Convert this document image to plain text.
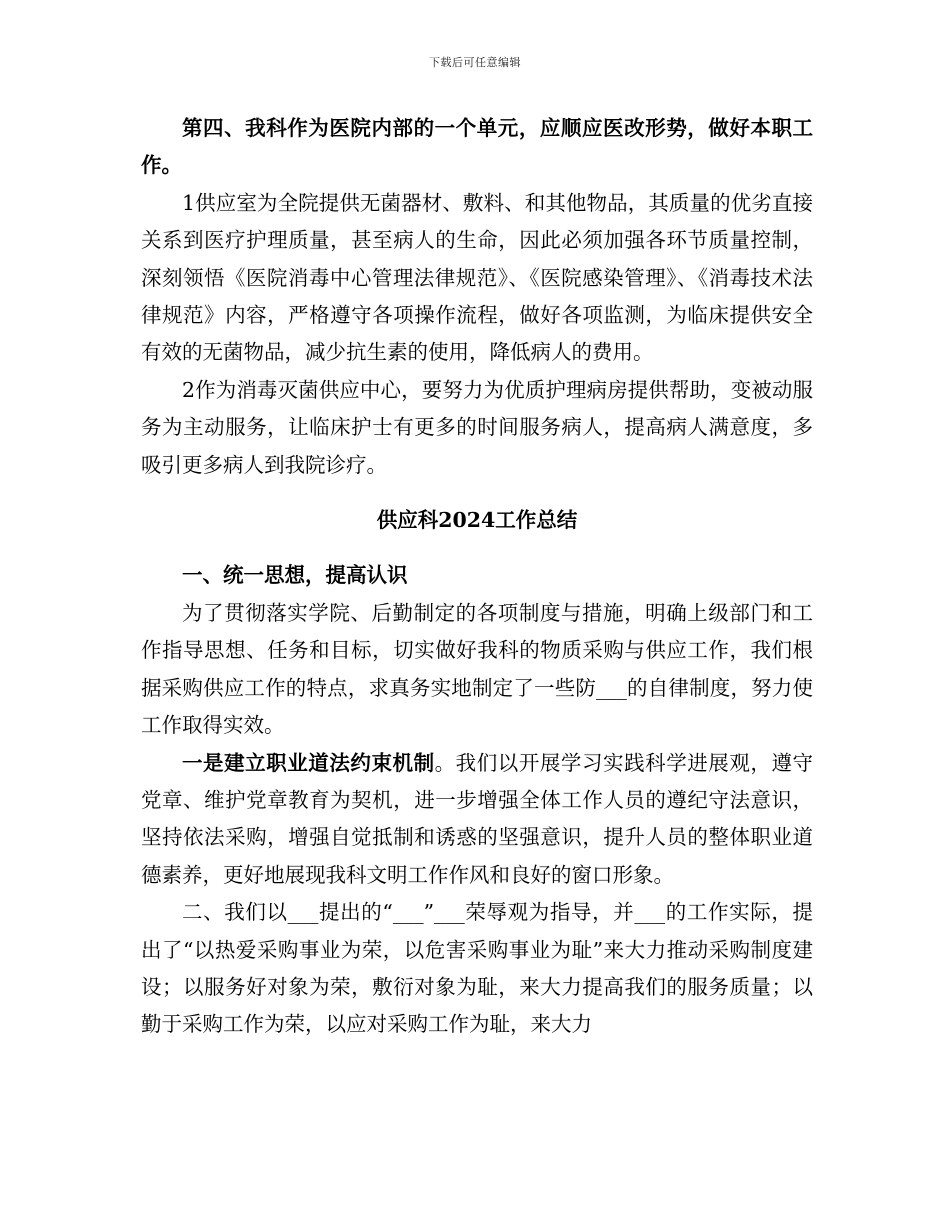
下载后可任意编辑

第四、我科作为医院内部的一个单元，应顺应医改形势，做好本职工作。

1供应室为全院提供无菌器材、敷料、和其他物品，其质量的优劣直接关系到医疗护理质量，甚至病人的生命，因此必须加强各环节质量控制，深刻领悟《医院消毒中心管理法律规范》、《医院感染管理》、《消毒技术法律规范》内容，严格遵守各项操作流程，做好各项监测，为临床提供安全有效的无菌物品，减少抗生素的使用，降低病人的费用。

2作为消毒灭菌供应中心，要努力为优质护理病房提供帮助，变被动服务为主动服务，让临床护士有更多的时间服务病人，提高病人满意度，多吸引更多病人到我院诊疗。

供应科2024工作总结

一、统一思想，提高认识

为了贯彻落实学院、后勤制定的各项制度与措施，明确上级部门和工作指导思想、任务和目标，切实做好我科的物质采购与供应工作，我们根据采购供应工作的特点，求真务实地制定了一些防___的自律制度，努力使工作取得实效。

一是建立职业道法约束机制。我们以开展学习实践科学进展观，遵守党章、维护党章教育为契机，进一步增强全体工作人员的遵纪守法意识，坚持依法采购，增强自觉抵制和诱惑的坚强意识，提升人员的整体职业道德素养，更好地展现我科文明工作作风和良好的窗口形象。

二、我们以___提出的“___”___荣辱观为指导，并___的工作实际，提出了“以热爱采购事业为荣，以危害采购事业为耻”来大力推动采购制度建设；以服务好对象为荣，敷衍对象为耻，来大力提高我们的服务质量；以勤于采购工作为荣，以应对采购工作为耻，来大力
